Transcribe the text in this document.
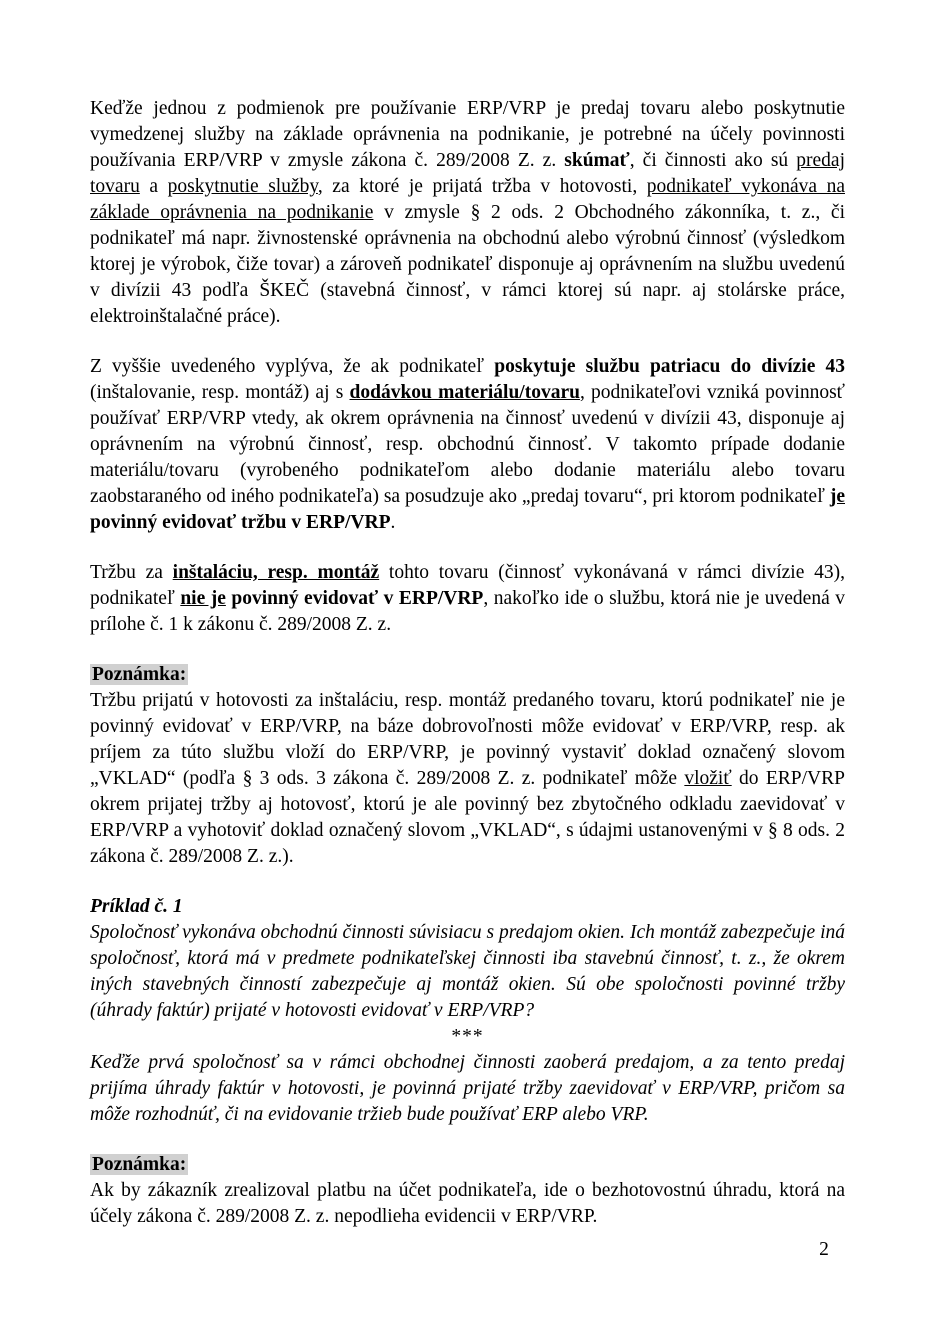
Keďže jednou z podmienok pre používanie ERP/VRP je predaj tovaru alebo poskytnutie vymedzenej služby na základe oprávnenia na podnikanie, je potrebné na účely povinnosti používania ERP/VRP v zmysle zákona č. 289/2008 Z. z. skúmať, či činnosti ako sú predaj tovaru a poskytnutie služby, za ktoré je prijatá tržba v hotovosti, podnikateľ vykonáva na základe oprávnenia na podnikanie v zmysle § 2 ods. 2 Obchodného zákonníka, t. z., či podnikateľ má napr. živnostenské oprávnenia na obchodnú alebo výrobnú činnosť (výsledkom ktorej je výrobok, čiže tovar) a zároveň podnikateľ disponuje aj oprávnením na službu uvedenú v divízii 43 podľa ŠKEČ (stavebná činnosť, v rámci ktorej sú napr. aj stolárske práce, elektroinštalačné práce).

Z vyššie uvedeného vyplýva, že ak podnikateľ poskytuje službu patriacu do divízie 43 (inštalovanie, resp. montáž) aj s dodávkou materiálu/tovaru, podnikateľovi vzniká povinnosť používať ERP/VRP vtedy, ak okrem oprávnenia na činnosť uvedenú v divízii 43, disponuje aj oprávnením na výrobnú činnosť, resp. obchodnú činnosť. V takomto prípade dodanie materiálu/tovaru (vyrobeného podnikateľom alebo dodanie materiálu alebo tovaru zaobstaraného od iného podnikateľa) sa posudzuje ako „predaj tovaru“, pri ktorom podnikateľ je povinný evidovať tržbu v ERP/VRP.

Tržbu za inštaláciu, resp. montáž tohto tovaru (činnosť vykonávaná v rámci divízie 43), podnikateľ nie je povinný evidovať v ERP/VRP, nakoľko ide o službu, ktorá nie je uvedená v prílohe č. 1 k zákonu č. 289/2008 Z. z.

Poznámka:

Tržbu prijatú v hotovosti za inštaláciu, resp. montáž predaného tovaru, ktorú podnikateľ nie je povinný evidovať v ERP/VRP, na báze dobrovoľnosti môže evidovať v ERP/VRP, resp. ak príjem za túto službu vloží do ERP/VRP, je povinný vystaviť doklad označený slovom „VKLAD“ (podľa § 3 ods. 3 zákona č. 289/2008 Z. z. podnikateľ môže vložiť do ERP/VRP okrem prijatej tržby aj hotovosť, ktorú je ale povinný bez zbytočného odkladu zaevidovať v ERP/VRP a vyhotoviť doklad označený slovom „VKLAD“, s údajmi ustanovenými v § 8 ods. 2 zákona č. 289/2008 Z. z.).

Príklad č. 1

Spoločnosť vykonáva obchodnú činnosti súvisiacu s predajom okien. Ich montáž zabezpečuje iná spoločnosť, ktorá má v predmete podnikateľskej činnosti iba stavebnú činnosť, t. z., že okrem iných stavebných činností zabezpečuje aj montáž okien. Sú obe spoločnosti povinné tržby (úhrady faktúr) prijaté v hotovosti evidovať v ERP/VRP?

***

Keďže prvá spoločnosť sa v rámci obchodnej činnosti zaoberá predajom, a za tento predaj prijíma úhrady faktúr v hotovosti, je povinná prijaté tržby zaevidovať v ERP/VRP, pričom sa môže rozhodnúť, či na evidovanie tržieb bude používať ERP alebo VRP.

Poznámka:

Ak by zákazník zrealizoval platbu na účet podnikateľa, ide o bezhotovostnú úhradu, ktorá na účely zákona č. 289/2008 Z. z. nepodlieha evidencii v ERP/VRP.

2
